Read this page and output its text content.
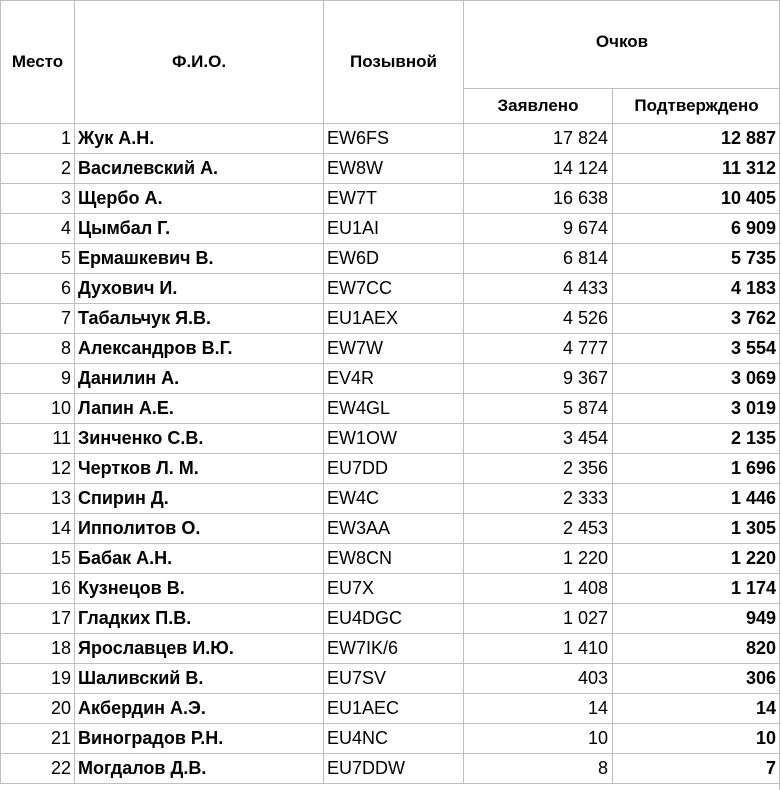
Место	Ф.И.О.	Позывной	Очков	
			Заявлено	Подтверждено
1	Жук А.Н.	EW6FS	17 824	12 887
2	Василевский А.	EW8W	14 124	11 312
3	Щербо А.	EW7T	16 638	10 405
4	Цымбал Г.	EU1AI	9 674	6 909
5	Ермашкевич В.	EW6D	6 814	5 735
6	Духович И.	EW7CC	4 433	4 183
7	Табальчук Я.В.	EU1AEX	4 526	3 762
8	Александров В.Г.	EW7W	4 777	3 554
9	Данилин А.	EV4R	9 367	3 069
10	Лапин А.Е.	EW4GL	5 874	3 019
11	Зинченко С.В.	EW1OW	3 454	2 135
12	Чертков Л. М.	EU7DD	2 356	1 696
13	Спирин Д.	EW4C	2 333	1 446
14	Ипполитов О.	EW3AA	2 453	1 305
15	Бабак А.Н.	EW8CN	1 220	1 220
16	Кузнецов В.	EU7X	1 408	1 174
17	Гладких П.В.	EU4DGC	1 027	949
18	Ярославцев И.Ю.	EW7IK/6	1 410	820
19	Шаливский В.	EU7SV	403	306
20	Акбердин А.Э.	EU1AEC	14	14
21	Виноградов Р.Н.	EU4NC	10	10
22	Могдалов Д.В.	EU7DDW	8	7
